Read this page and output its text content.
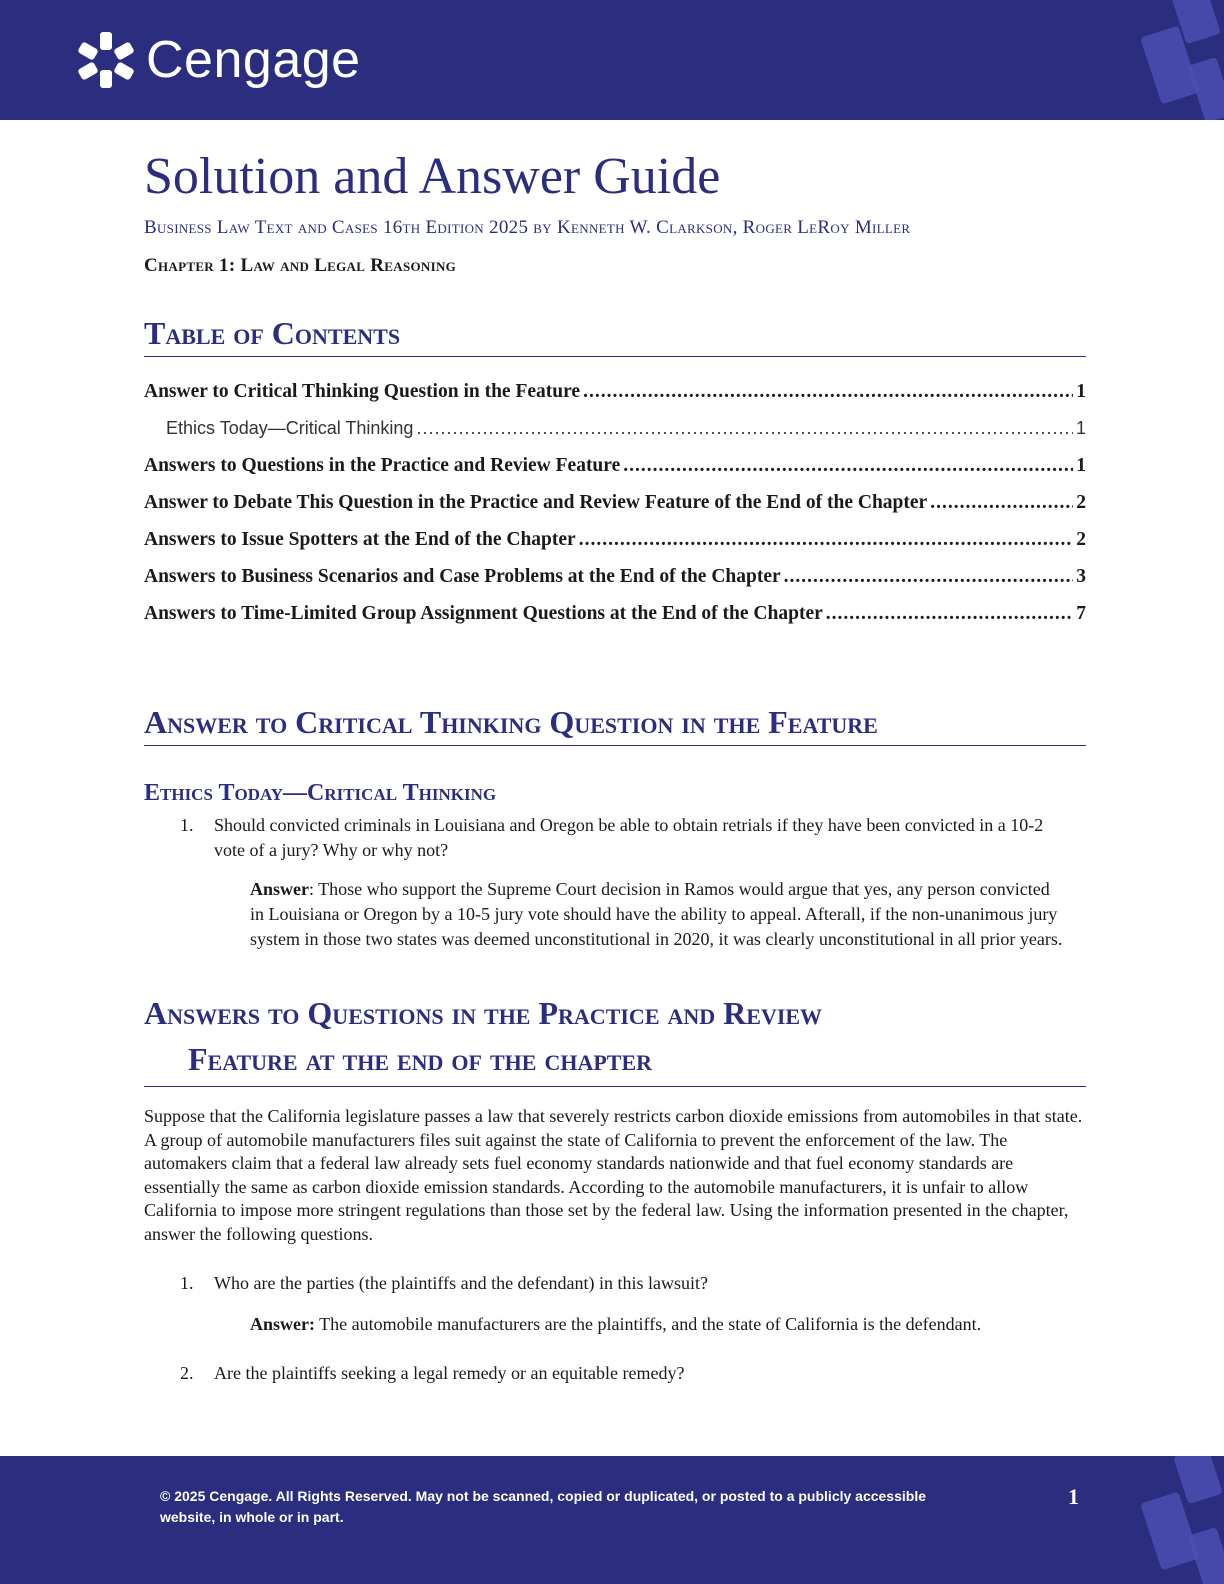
Cengage
Solution and Answer Guide
Business Law Text and Cases 16th Edition 2025 by Kenneth W. Clarkson, Roger LeRoy Miller
Chapter 1: Law and Legal Reasoning
Table of Contents
Answer to Critical Thinking Question in the Feature .....	1
Ethics Today—Critical Thinking .....	1
Answers to Questions in the Practice and Review Feature .....	1
Answer to Debate This Question in the Practice and Review Feature of the End of the Chapter .....	2
Answers to Issue Spotters at the End of the Chapter .....	2
Answers to Business Scenarios and Case Problems at the End of the Chapter .....	3
Answers to Time-Limited Group Assignment Questions at the End of the Chapter .....	7
Answer to Critical Thinking Question in the Feature
Ethics Today—Critical Thinking
1.	Should convicted criminals in Louisiana and Oregon be able to obtain retrials if they have been convicted in a 10-2 vote of a jury? Why or why not?
Answer: Those who support the Supreme Court decision in Ramos would argue that yes, any person convicted in Louisiana or Oregon by a 10-5 jury vote should have the ability to appeal. Afterall, if the non-unanimous jury system in those two states was deemed unconstitutional in 2020, it was clearly unconstitutional in all prior years.
Answers to Questions in the Practice and Review
Feature at the end of the chapter

Suppose that the California legislature passes a law that severely restricts carbon dioxide emissions from automobiles in that state. A group of automobile manufacturers files suit against the state of California to prevent the enforcement of the law. The automakers claim that a federal law already sets fuel economy standards nationwide and that fuel economy standards are essentially the same as carbon dioxide emission standards. According to the automobile manufacturers, it is unfair to allow California to impose more stringent regulations than those set by the federal law. Using the information presented in the chapter, answer the following questions.

1.	Who are the parties (the plaintiffs and the defendant) in this lawsuit?
Answer: The automobile manufacturers are the plaintiffs, and the state of California is the defendant.
2.	Are the plaintiffs seeking a legal remedy or an equitable remedy?
© 2025 Cengage. All Rights Reserved. May not be scanned, copied or duplicated, or posted to a publicly accessible website, in whole or in part.
1
